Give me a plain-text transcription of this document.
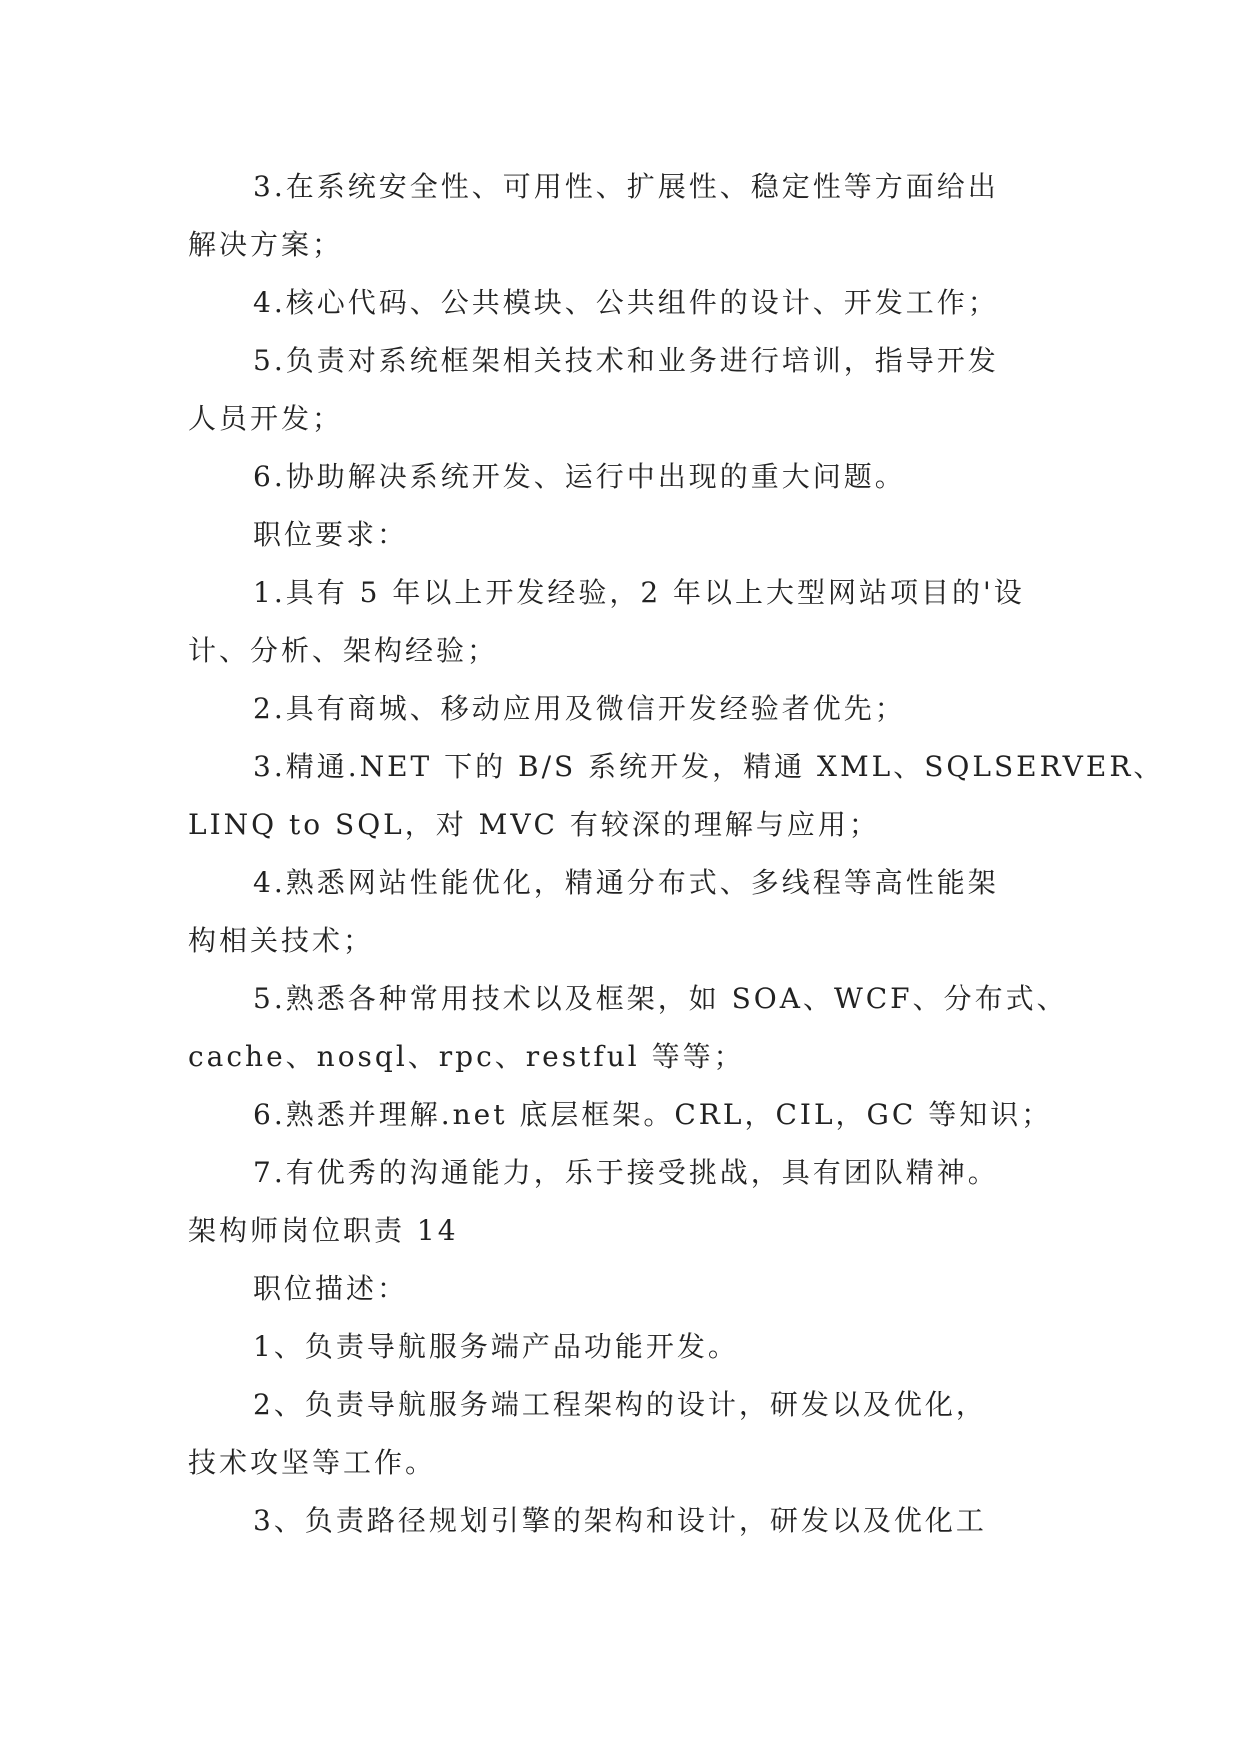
3.在系统安全性、可用性、扩展性、稳定性等方面给出
解决方案；
4.核心代码、公共模块、公共组件的设计、开发工作；
5.负责对系统框架相关技术和业务进行培训，指导开发
人员开发；
6.协助解决系统开发、运行中出现的重大问题。
职位要求：
1.具有 5 年以上开发经验，2 年以上大型网站项目的'设
计、分析、架构经验；
2.具有商城、移动应用及微信开发经验者优先；
3.精通.NET 下的 B/S 系统开发，精通 XML、SQLSERVER、
LINQ to SQL，对 MVC 有较深的理解与应用；
4.熟悉网站性能优化，精通分布式、多线程等高性能架
构相关技术；
5.熟悉各种常用技术以及框架，如 SOA、WCF、分布式、
cache、nosql、rpc、restful 等等；
6.熟悉并理解.net 底层框架。CRL，CIL，GC 等知识；
7.有优秀的沟通能力，乐于接受挑战，具有团队精神。
架构师岗位职责 14
职位描述：
1、负责导航服务端产品功能开发。
2、负责导航服务端工程架构的设计，研发以及优化，
技术攻坚等工作。
3、负责路径规划引擎的架构和设计，研发以及优化工
